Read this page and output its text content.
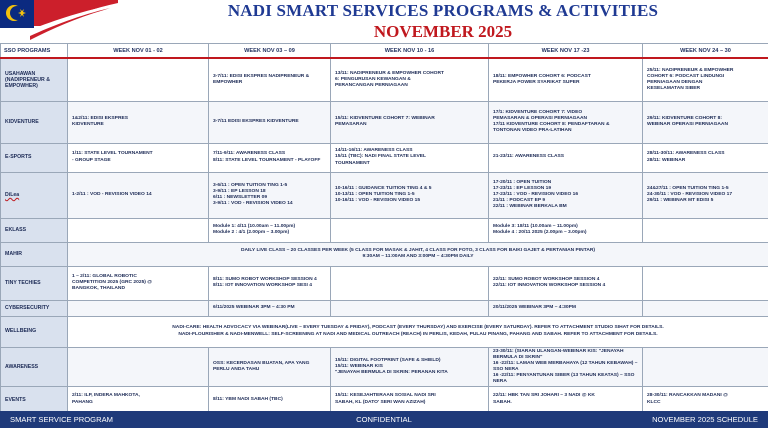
NADI SMART SERVICES PROGRAMS & ACTIVITIES
NOVEMBER 2025
SSO PROGRAMS	WEEK NOV 01 - 02	WEEK NOV 03 – 09	WEEK NOV 10 - 16	WEEK NOV 17 -23	WEEK NOV 24 – 30

USAHAWAN
(NADIPRENEUR &
EMPOWHER)		3-7/11: EDISI EKSPRES NADIPRENEUR &
EMPOWHER	13/11: NADIPRENEUR & EMPOWHER COHORT
6: PENGURUSAN KEWANGAN &
PERANCANGAN PERNIAGAAN	18/11: EMPOWHER COHORT 6: PODCAST
PEKERJA POWER SYARIKAT SUPER	25/11: NADIPRENEUR & EMPOWHER
COHORT 6: PODCAST LINDUNGI
PERNIAGAAN DENGAN
KESELAMATAN SIBER

KIDVENTURE	1&2/11: EDISI EKSPRES
KIDVENTURE	3-7/11 EDISI EKSPRES KIDVENTURE	15/11: KIDVENTURE COHORT 7: WEBINAR
PEMASARAN	17/1: KIDVENTURE COHORT 7: VIDEO
PEMASARAN & OPERASI PERNIAGAAN
17/11 KIDVENTURE COHORT 8: PENDAFTARAN &
TONTONAN VIDEO PRA-LATIHAN	29/11: KIDVENTURE COHORT 8:
WEBINAR OPERASI PERNIAGAAN

E-SPORTS	1/11: STATE LEVEL TOURNAMENT
- GROUP STAGE	7/11-9/11: AWARENESS CLASS
8/11: STATE LEVEL TOURNAMENT - PLAYOFF	14/11-16/11: AWARENESS CLASS
15/11 (TBC): NADI FINAL STATE LEVEL
TOURNAMENT	21-23/11: AWARENESS CLASS	28/11-30/11: AWARENESS CLASS
28/11: WEBINAR

DiLea	1-2/11 : VOD - REVISION VIDEO 14	3-6/11 : OPEN TUITION TING 1-5
3-9/11 : EP LESSON 18
6/11 : NEWSLETTER 09
3-9/11 : VOD - REVISION VIDEO 14	10-16/11 : GUIDANCE TUITION TING 4 & 5
10-13/11 : OPEN TUITION TING 1-5
10-16/11 : VOD - REVISION VIDEO 15	17-20/11 : OPEN TUITION
17-23/11 : EP LESSON 19
17-23/11 : VOD - REVISION VIDEO 16
21/11 : PODCAST EP 9
22/11 : WEBINAR BERKALA BM	24&27/11 : OPEN TUITION TING 1-5
24-30/11 : VOD - REVISION VIDEO 17
29/11 : WEBINAR MT EDISI 5

EKLASS		Module 1: 4/11 (10.00am – 11.00pm)
Module 2 : 4/1 (2.00pm – 3.00pm)		Module 3: 18/11 (10.00am – 11.00pm)
Module 4 : 20/11 2025 (2.00pm – 3.00pm)	

MAHIR	DAILY LIVE CLASS – 20 CLASSES PER WEEK (5 CLASS FOR MASAK & JAHIT, 4 CLASS FOR FOTO, 3 CLASS FOR BAIKI GAJET & PERTANIAN PINTAR)
9:30AM – 11:00AM AND 3:00PM – 4:30PM DAILY				

TINY TECHIES	1 – 2/11: GLOBAL ROBOTIC
COMPETITION 2025 (GRC 2025) @
BANGKOK, THAILAND	8/11: SUMO ROBOT WORKSHOP SESSION 4
8/11: IOT INNOVATION WORKSHOP SESI 4		22/11: SUMO ROBOT WORKSHOP SESSION 4
22/11: IOT INNOVATION WORKSHOP SESSION 4	

CYBERSECURITY		6/11/2025 WEBINAR 3PM – 4:30 PM		20/11/2025 WEBINAR 3PM – 4:30PM	

WELLBEING	NADI-CARE: HEALTH ADVOCACY VIA WEBINAR(LIVE – EVERY TUESDAY & FRIDAY), PODCAST (EVERY THURSDAY) AND EXERCISE (EVERY SATURDAY). REFER TO ATTACHMENT STUDIO SIHAT FOR DETAILS.
NADI-FLOURISHER & NADI-MENWELL: SELF-SCREENING AT NADI AND MEDICAL OUTREACH (REACH) IN PERLIS, KEDAH, PULAU PINANG, PAHANG AND SABAH. REFER TO ATTACHMENT FOR DETAILS.				

AWARENESS		OSS: KECERDASAN BUATAN, APA YANG
PERLU ANDA TAHU	15/11: DIGITAL FOOTPRINT (SAFE & SHIELD)
15/11: WEBINAR KIS
"JENAYAH BERMULA DI SKRIN: PERANAN KITA	23-30/11: (SIARAN ULANGAN-WEBINAR KIS: "JENAYAH BERMULA DI SKRIN"
16 -22/11: LAMAN WEB MERBAHAYA (12 TAHUN KEBAWAH) – SSO NERA
16 -22/11: PENYANTUNAN SIBER (13 TAHUN KEATAS) – SSO NERA	

EVENTS	2/11: ILP, INDERA MAHKOTA,
PAHANG	8/11: YBM NADI SABAH (TBC)	15/11: KESEJAHTERAAN SOSIAL NADI SRI
SABAH, KL (DATO' SERI WAN AZIZAH)	22/11: HBK TAN SRI JOHARI – 3 NADI @ KK
SABAH.	28-30/11: RANCAKKAN MADANI @
KLCC
SMART SERVICE PROGRAM	CONFIDENTIAL	NOVEMBER 2025 SCHEDULE
